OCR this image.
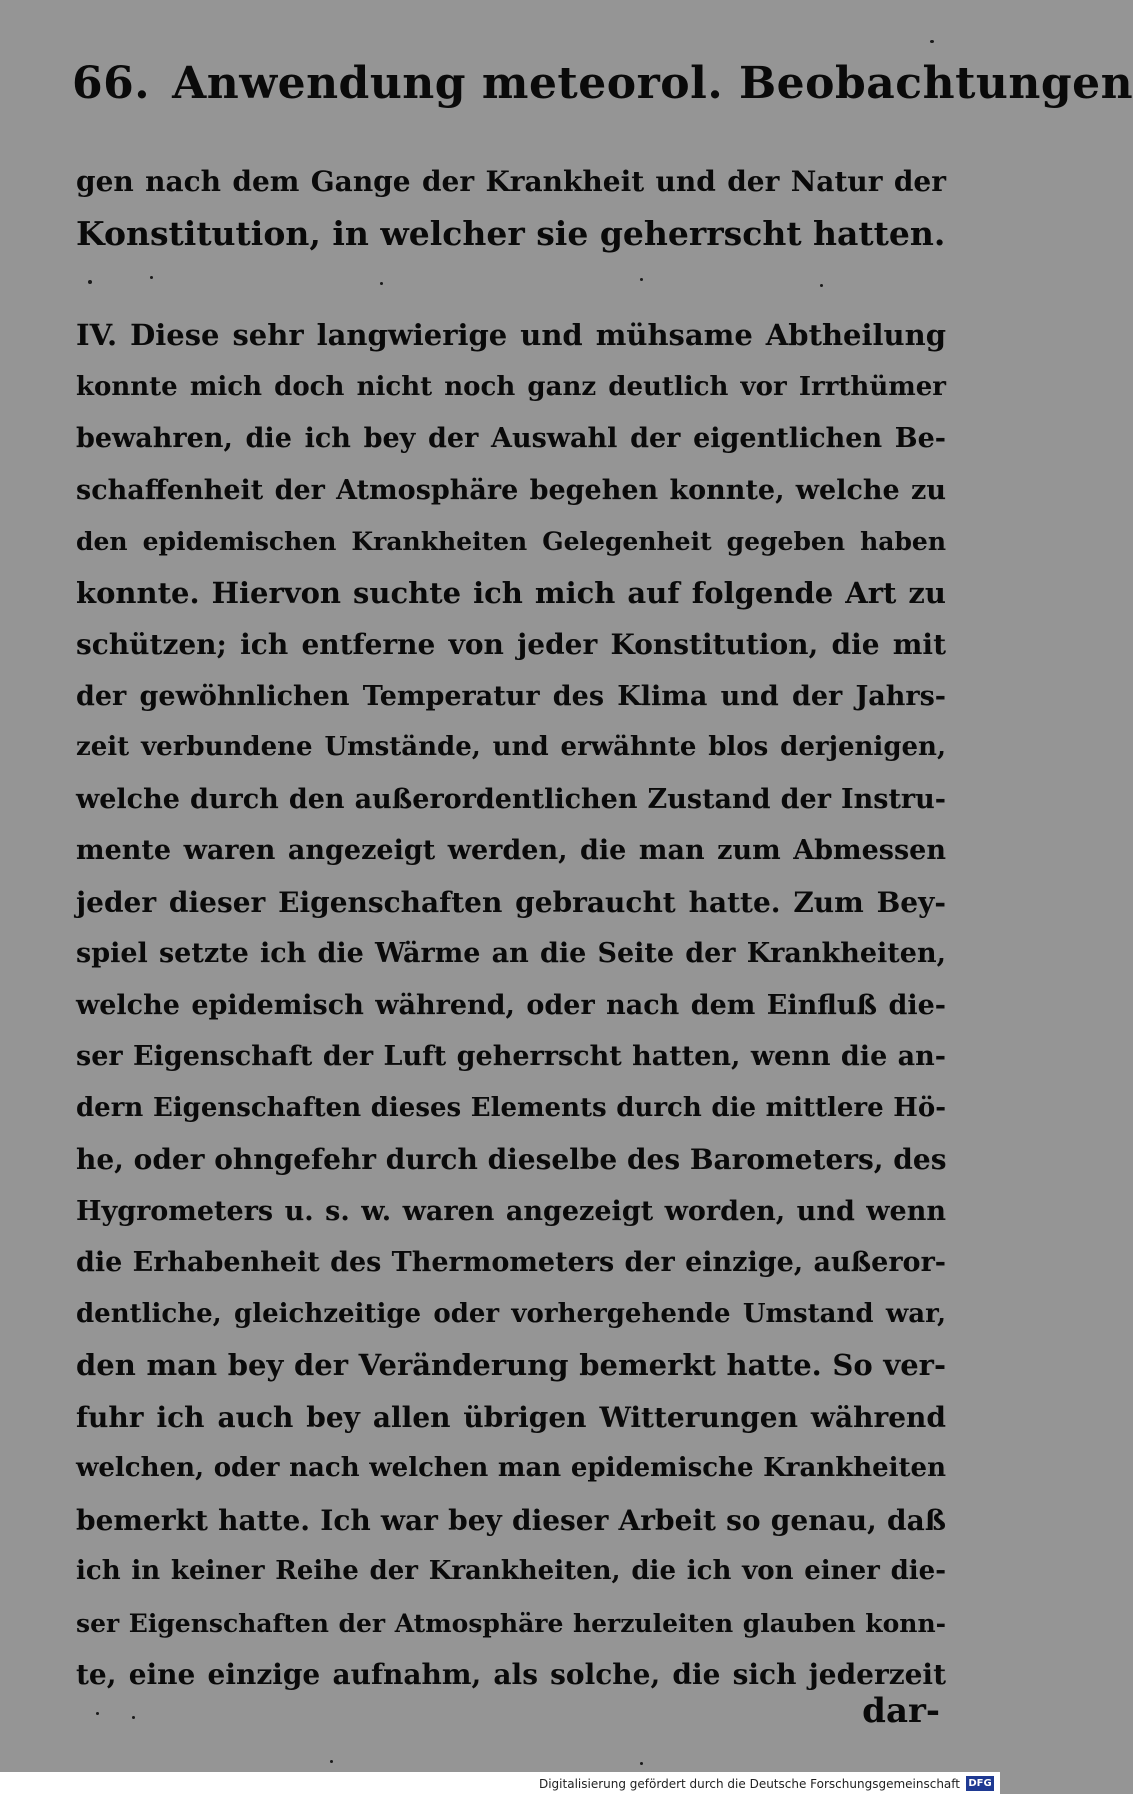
66. Anwendung meteorol. Beobachtungen
gen nach dem Gange der Krankheit und der Natur der
Konstitution, in welcher sie geherrscht hatten.
IV. Diese sehr langwierige und mühsame Abtheilung
konnte mich doch nicht noch ganz deutlich vor Irrthümer
bewahren, die ich bey der Auswahl der eigentlichen Be-
schaffenheit der Atmosphäre begehen konnte, welche zu
den epidemischen Krankheiten Gelegenheit gegeben haben
konnte. Hiervon suchte ich mich auf folgende Art zu
schützen; ich entferne von jeder Konstitution, die mit
der gewöhnlichen Temperatur des Klima und der Jahrs-
zeit verbundene Umstände, und erwähnte blos derjenigen,
welche durch den außerordentlichen Zustand der Instru-
mente waren angezeigt werden, die man zum Abmessen
jeder dieser Eigenschaften gebraucht hatte. Zum Bey-
spiel setzte ich die Wärme an die Seite der Krankheiten,
welche epidemisch während, oder nach dem Einfluß die-
ser Eigenschaft der Luft geherrscht hatten, wenn die an-
dern Eigenschaften dieses Elements durch die mittlere Hö-
he, oder ohngefehr durch dieselbe des Barometers, des
Hygrometers u. s. w. waren angezeigt worden, und wenn
die Erhabenheit des Thermometers der einzige, außeror-
dentliche, gleichzeitige oder vorhergehende Umstand war,
den man bey der Veränderung bemerkt hatte. So ver-
fuhr ich auch bey allen übrigen Witterungen während
welchen, oder nach welchen man epidemische Krankheiten
bemerkt hatte. Ich war bey dieser Arbeit so genau, daß
ich in keiner Reihe der Krankheiten, die ich von einer die-
ser Eigenschaften der Atmosphäre herzuleiten glauben konn-
te, eine einzige aufnahm, als solche, die sich jederzeit
dar-
Digitalisierung gefördert durch die Deutsche Forschungsgemeinschaft DFG
